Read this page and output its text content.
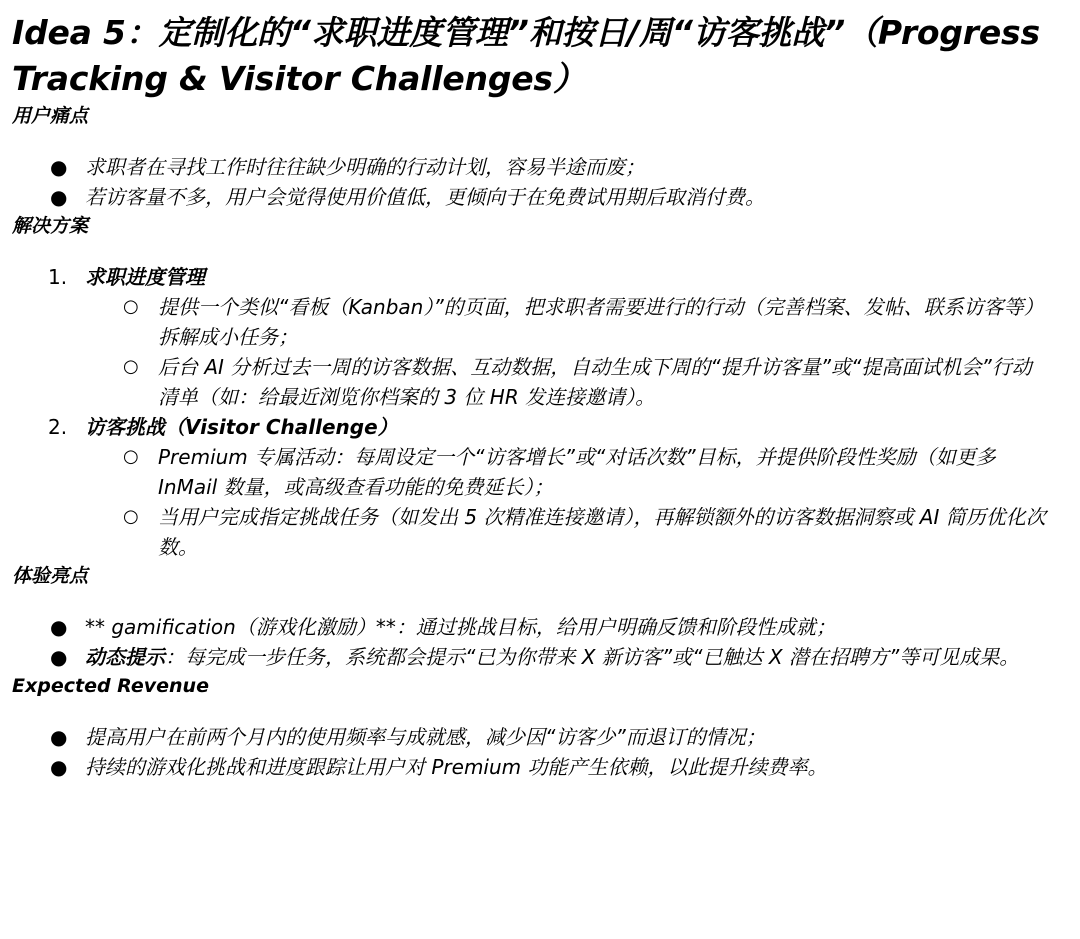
Idea 5：定制化的“求职进度管理”和按日/周“访客挑战”（Progress Tracking & Visitor Challenges）
用户痛点
● 求职者在寻找工作时往往缺少明确的行动计划，容易半途而废；
● 若访客量不多，用户会觉得使用价值低，更倾向于在免费试用期后取消付费。
解决方案
1. 求职进度管理
○ 提供一个类似“看板（Kanban）”的页面，把求职者需要进行的行动（完善档案、发帖、联系访客等）拆解成小任务；
○ 后台 AI 分析过去一周的访客数据、互动数据，自动生成下周的“提升访客量”或“提高面试机会”行动清单（如：给最近浏览你档案的 3 位 HR 发连接邀请）。
2. 访客挑战（Visitor Challenge）
○ Premium 专属活动：每周设定一个“访客增长”或“对话次数”目标，并提供阶段性奖励（如更多 InMail 数量，或高级查看功能的免费延长）；
○ 当用户完成指定挑战任务（如发出 5 次精准连接邀请），再解锁额外的访客数据洞察或 AI 简历优化次数。
体验亮点
● ** gamification（游戏化激励）**：通过挑战目标，给用户明确反馈和阶段性成就；
● 动态提示：每完成一步任务，系统都会提示“已为你带来 X 新访客”或“已触达 X 潜在招聘方”等可见成果。
Expected Revenue
● 提高用户在前两个月内的使用频率与成就感，减少因“访客少”而退订的情况；
● 持续的游戏化挑战和进度跟踪让用户对 Premium 功能产生依赖，以此提升续费率。
